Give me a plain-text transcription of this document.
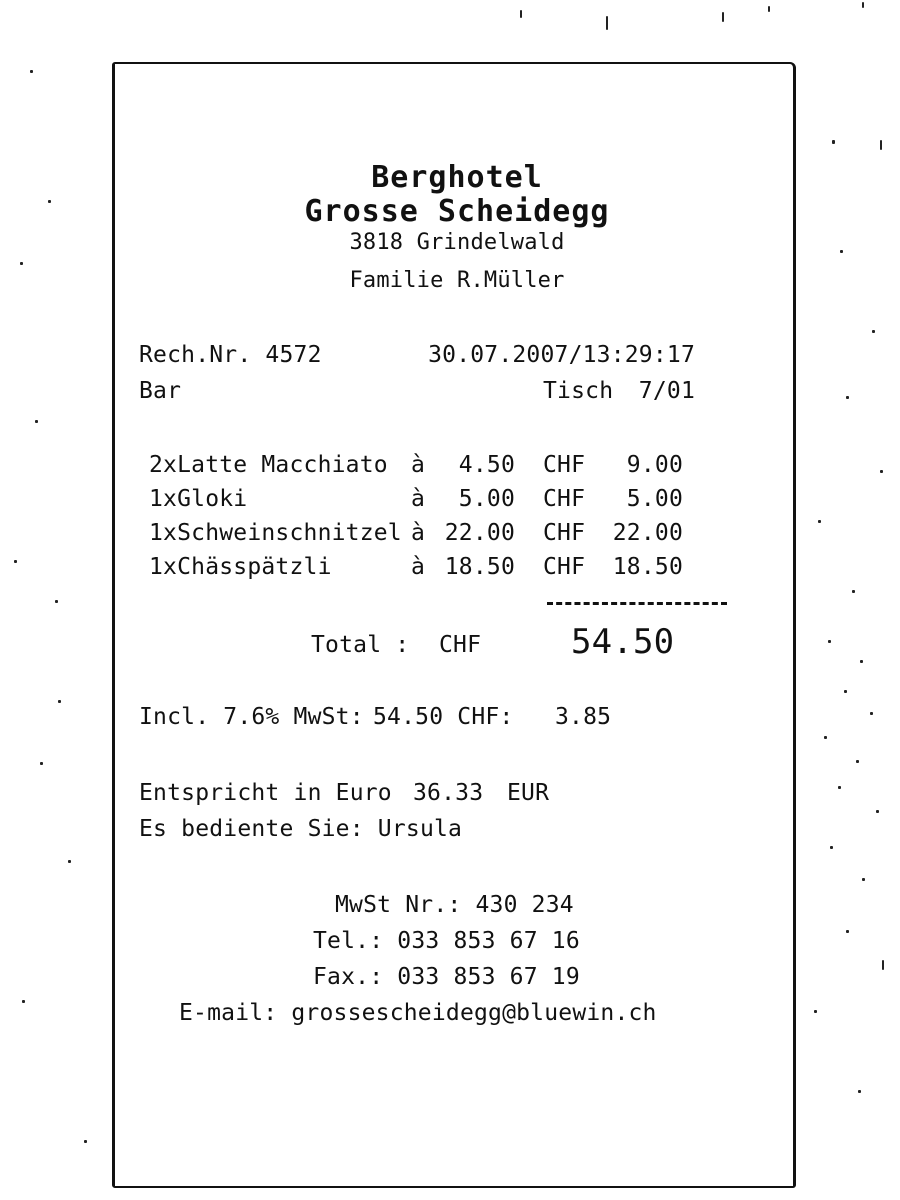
Berghotel
Grosse Scheidegg
3818 Grindelwald
Familie R.Müller
Rech.Nr. 4572	30.07.2007/13:29:17
Bar	Tisch 7/01
2xLatte Macchiato à 4.50 CHF 9.00
1xGloki	à 5.00 CHF 5.00
1xSchweinschnitzel à 22.00 CHF 22.00
1xChässpätzli	à 18.50 CHF 18.50
Total : CHF	54.50
Incl. 7.6% MwSt: 54.50 CHF: 3.85
Entspricht in Euro 36.33 EUR
Es bediente Sie: Ursula
MwSt Nr.: 430 234
Tel.: 033 853 67 16
Fax.: 033 853 67 19
E-mail: grossescheidegg@bluewin.ch
